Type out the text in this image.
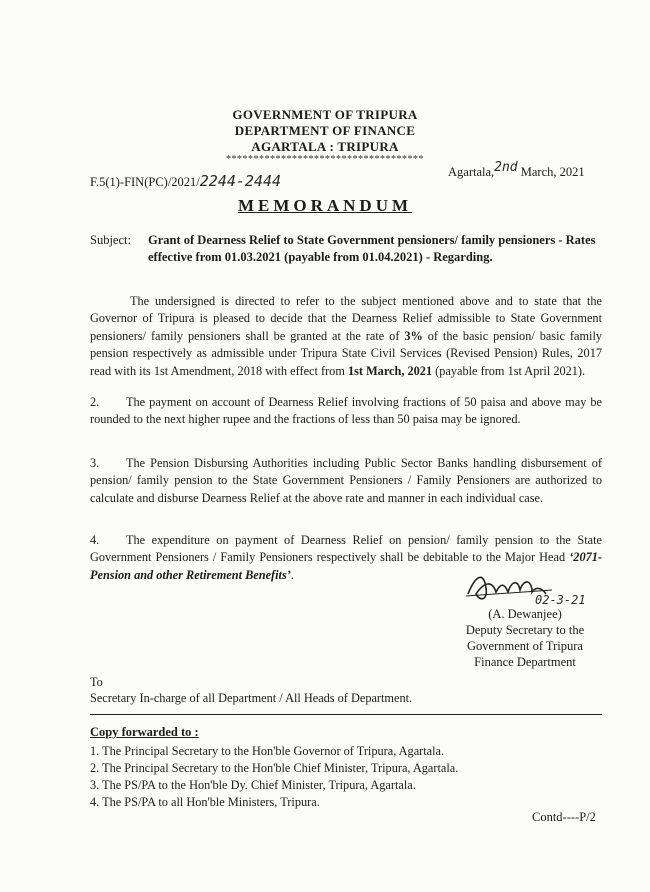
GOVERNMENT OF TRIPURA
DEPARTMENT OF FINANCE
AGARTALA : TRIPURA
************************************
F.5(1)-FIN(PC)/2021/2244-2444	Agartala,2nd March, 2021
MEMORANDUM
Subject: Grant of Dearness Relief to State Government pensioners/ family pensioners - Rates effective from 01.03.2021 (payable from 01.04.2021) - Regarding.
The undersigned is directed to refer to the subject mentioned above and to state that the Governor of Tripura is pleased to decide that the Dearness Relief admissible to State Government pensioners/ family pensioners shall be granted at the rate of 3% of the basic pension/ basic family pension respectively as admissible under Tripura State Civil Services (Revised Pension) Rules, 2017 read with its 1st Amendment, 2018 with effect from 1st March, 2021 (payable from 1st April 2021).
2. The payment on account of Dearness Relief involving fractions of 50 paisa and above may be rounded to the next higher rupee and the fractions of less than 50 paisa may be ignored.
3. The Pension Disbursing Authorities including Public Sector Banks handling disbursement of pension/ family pension to the State Government Pensioners / Family Pensioners are authorized to calculate and disburse Dearness Relief at the above rate and manner in each individual case.
4. The expenditure on payment of Dearness Relief on pension/ family pension to the State Government Pensioners / Family Pensioners respectively shall be debitable to the Major Head ‘2071-Pension and other Retirement Benefits’.
02-3-21
(A. Dewanjee)
Deputy Secretary to the
Government of Tripura
Finance Department
To
Secretary In-charge of all Department / All Heads of Department.
Copy forwarded to :
1. The Principal Secretary to the Hon'ble Governor of Tripura, Agartala.
2. The Principal Secretary to the Hon'ble Chief Minister, Tripura, Agartala.
3. The PS/PA to the Hon'ble Dy. Chief Minister, Tripura, Agartala.
4. The PS/PA to all Hon'ble Ministers, Tripura.
Contd----P/2
